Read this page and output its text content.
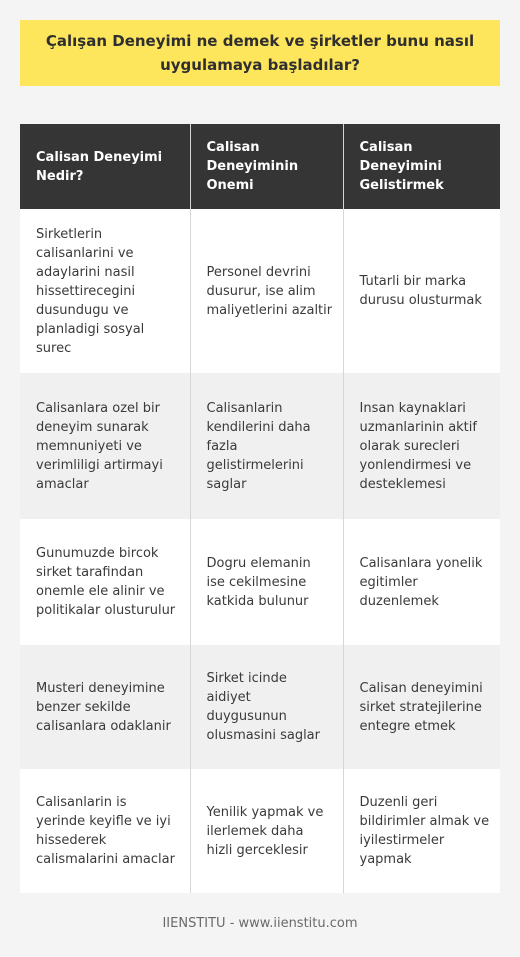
Çalışan Deneyimi ne demek ve şirketler bunu nasıl uygulamaya başladılar?
Calisan Deneyimi Nedir?	Calisan Deneyiminin Onemi	Calisan Deneyimini Gelistirmek
Sirketlerin calisanlarini ve adaylarini nasil hissettirecegini dusundugu ve planladigi sosyal surec	Personel devrini dusurur, ise alim maliyetlerini azaltir	Tutarli bir marka durusu olusturmak
Calisanlara ozel bir deneyim sunarak memnuniyeti ve verimliligi artirmayi amaclar	Calisanlarin kendilerini daha fazla gelistirmelerini saglar	Insan kaynaklari uzmanlarinin aktif olarak surecleri yonlendirmesi ve desteklemesi
Gunumuzde bircok sirket tarafindan onemle ele alinir ve politikalar olusturulur	Dogru elemanin ise cekilmesine katkida bulunur	Calisanlara yonelik egitimler duzenlemek
Musteri deneyimine benzer sekilde calisanlara odaklanir	Sirket icinde aidiyet duygusunun olusmasini saglar	Calisan deneyimini sirket stratejilerine entegre etmek
Calisanlarin is yerinde keyifle ve iyi hissederek calismalarini amaclar	Yenilik yapmak ve ilerlemek daha hizli gerceklesir	Duzenli geri bildirimler almak ve iyilestirmeler yapmak
IIENSTITU - www.iienstitu.com
